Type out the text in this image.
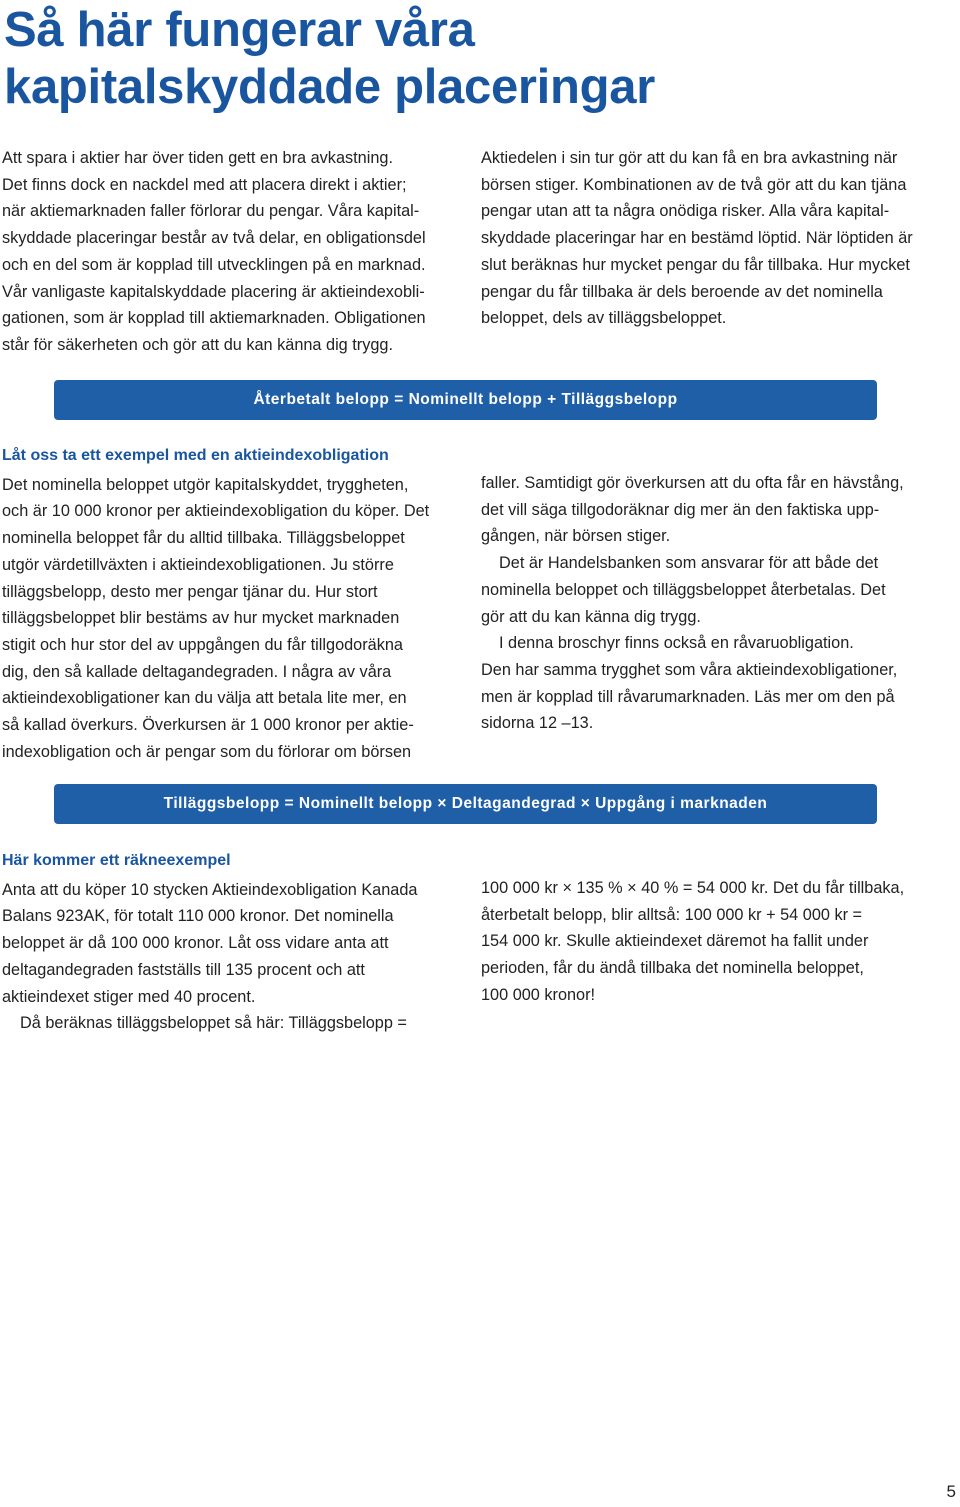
Så här fungerar våra
kapitalskyddade placeringar

Att spara i aktier har över tiden gett en bra avkastning.
Det finns dock en nackdel med att placera direkt i aktier;
när aktiemarknaden faller förlorar du pengar. Våra kapital-
skyddade placeringar består av två delar, en obligationsdel
och en del som är kopplad till utvecklingen på en marknad.
Vår vanligaste kapitalskyddade placering är aktieindexobli-
gationen, som är kopplad till aktiemarknaden. Obligationen
står för säkerheten och gör att du kan känna dig trygg.

Aktiedelen i sin tur gör att du kan få en bra avkastning när
börsen stiger. Kombinationen av de två gör att du kan tjäna
pengar utan att ta några onödiga risker. Alla våra kapital-
skyddade placeringar har en bestämd löptid. När löptiden är
slut beräknas hur mycket pengar du får tillbaka. Hur mycket
pengar du får tillbaka är dels beroende av det nominella
beloppet, dels av tilläggsbeloppet.

Återbetalt belopp = Nominellt belopp + Tilläggsbelopp

Låt oss ta ett exempel med en aktieindexobligation

Det nominella beloppet utgör kapitalskyddet, tryggheten,
och är 10 000 kronor per aktieindexobligation du köper. Det
nominella beloppet får du alltid tillbaka. Tilläggsbeloppet
utgör värdetillväxten i aktieindexobligationen. Ju större
tilläggsbelopp, desto mer pengar tjänar du. Hur stort
tilläggsbeloppet blir bestäms av hur mycket marknaden
stigit och hur stor del av uppgången du får tillgodoräkna
dig, den så kallade deltagandegraden. I några av våra
aktieindexobligationer kan du välja att betala lite mer, en
så kallad överkurs. Överkursen är 1 000 kronor per aktie-
indexobligation och är pengar som du förlorar om börsen

faller. Samtidigt gör överkursen att du ofta får en hävstång,
det vill säga tillgodoräknar dig mer än den faktiska upp-
gången, när börsen stiger.

Det är Handelsbanken som ansvarar för att både det
nominella beloppet och tilläggsbeloppet återbetalas. Det
gör att du kan känna dig trygg.

I denna broschyr finns också en råvaruobligation.
Den har samma trygghet som våra aktieindexobligationer,
men är kopplad till råvarumarknaden. Läs mer om den på
sidorna 12 –13.

Tilläggsbelopp = Nominellt belopp × Deltagandegrad × Uppgång i marknaden

Här kommer ett räkneexempel

Anta att du köper 10 stycken Aktieindexobligation Kanada
Balans 923AK, för totalt 110 000 kronor. Det nominella
beloppet är då 100 000 kronor. Låt oss vidare anta att
deltagandegraden fastställs till 135 procent och att
aktieindexet stiger med 40 procent.

Då beräknas tilläggsbeloppet så här: Tilläggsbelopp =

100 000 kr × 135 % × 40 % = 54 000 kr. Det du får tillbaka,
återbetalt belopp, blir alltså: 100 000 kr + 54 000 kr =
154 000 kr. Skulle aktieindexet däremot ha fallit under
perioden, får du ändå tillbaka det nominella beloppet,
100 000 kronor!

5
